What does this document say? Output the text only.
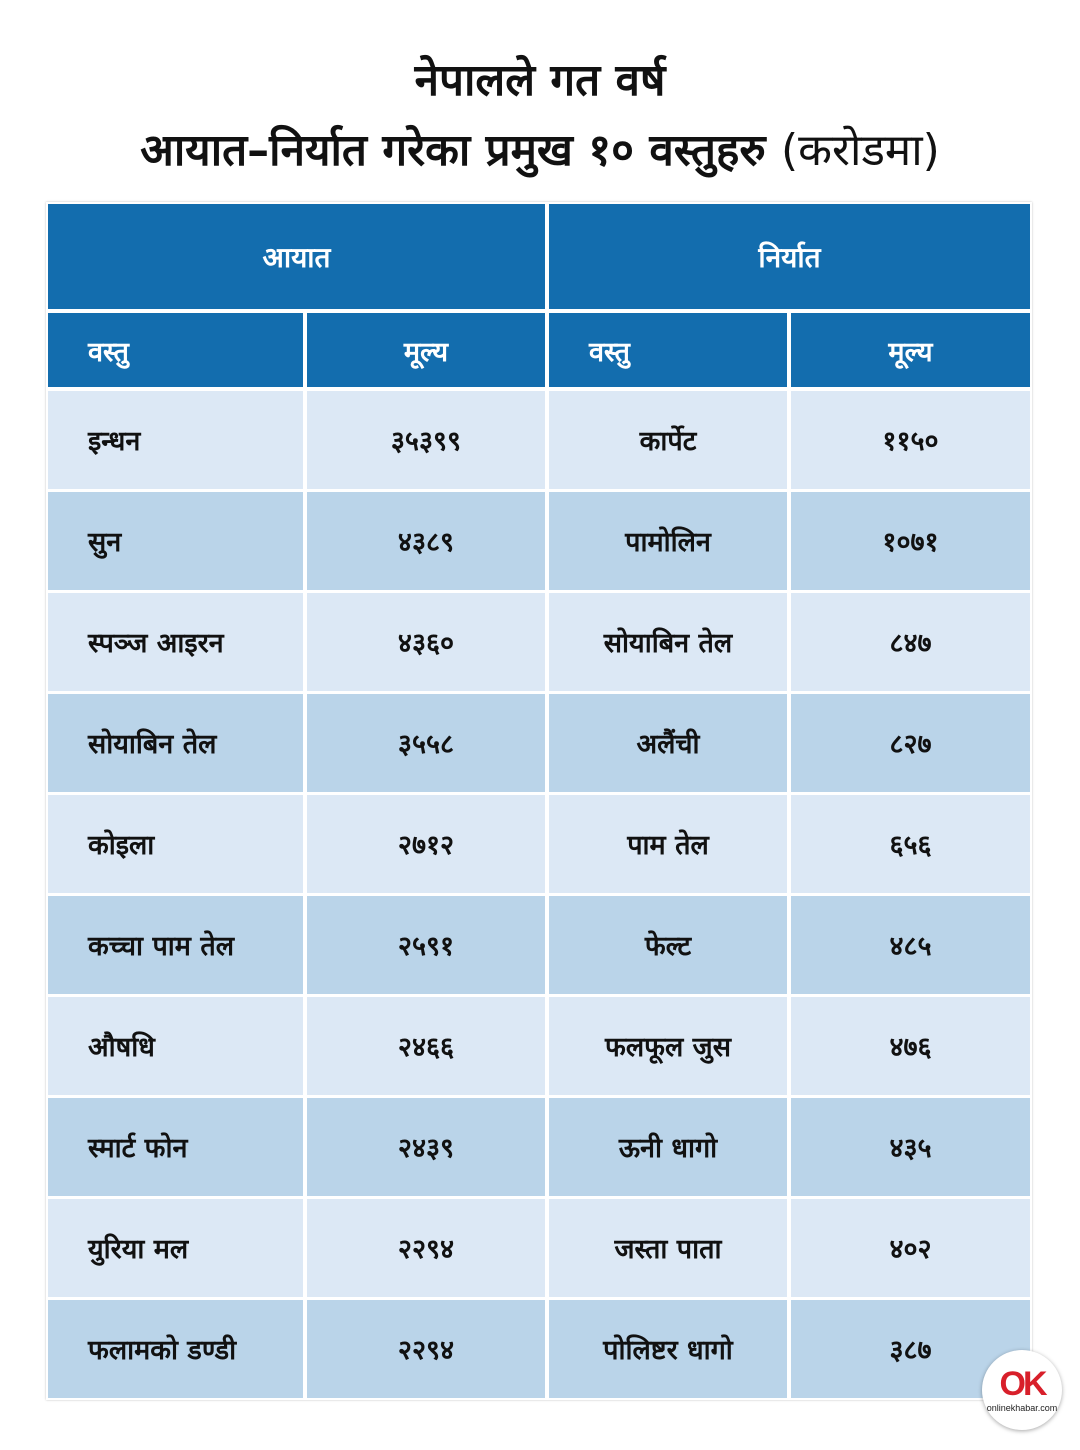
नेपालले गत वर्ष
आयात–निर्यात गरेका प्रमुख १० वस्तुहरु (करोडमा)
आयात	निर्यात
वस्तु	मूल्य	वस्तु	मूल्य
इन्धन	३५३९९	कार्पेट	११५०
सुन	४३८९	पामोलिन	१०७१
स्पञ्ज आइरन	४३६०	सोयाबिन तेल	८४७
सोयाबिन तेल	३५५८	अलैंची	८२७
कोइला	२७१२	पाम तेल	६५६
कच्चा पाम तेल	२५९१	फेल्ट	४८५
औषधि	२४६६	फलफूल जुस	४७६
स्मार्ट फोन	२४३९	ऊनी धागो	४३५
युरिया मल	२२९४	जस्ता पाता	४०२
फलामको डण्डी	२२९४	पोलिष्टर धागो	३८७
OK
onlinekhabar.com
